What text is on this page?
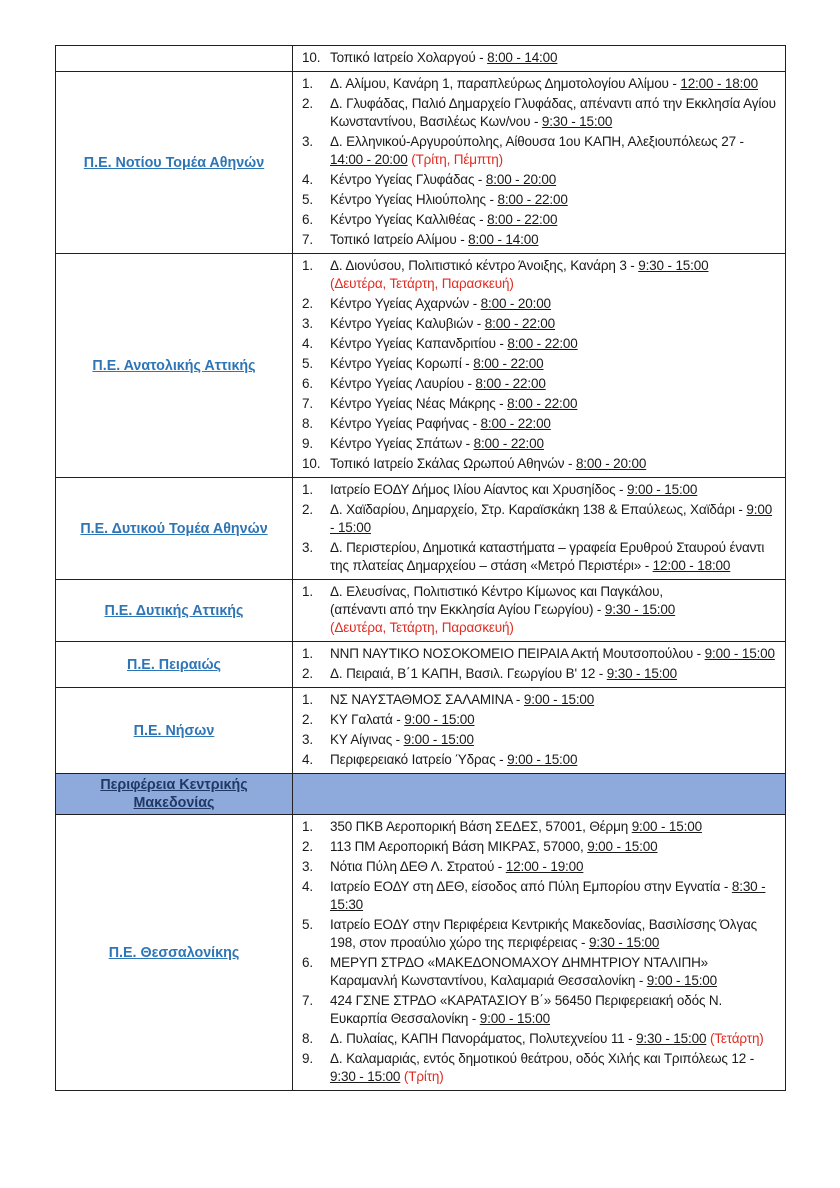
	10. Τοπικό Ιατρείο Χολαργού - 8:00 - 14:00

Π.Ε. Νοτίου Τομέα Αθηνών	
1.	Δ. Αλίμου, Κανάρη 1, παραπλεύρως Δημοτολογίου Αλίμου - 12:00 - 18:00
2.	Δ. Γλυφάδας, Παλιό Δημαρχείο Γλυφάδας, απέναντι από την Εκκλησία Αγίου Κωνσταντίνου, Βασιλέως Κων/νου - 9:30 - 15:00
3.	Δ. Ελληνικού-Αργυρούπολης, Αίθουσα 1ου ΚΑΠΗ, Αλεξιουπόλεως 27 - 14:00 - 20:00 (Τρίτη, Πέμπτη)
4.	Κέντρο Υγείας Γλυφάδας - 8:00 - 20:00
5.	Κέντρο Υγείας Ηλιούπολης - 8:00 - 22:00
6.	Κέντρο Υγείας Καλλιθέας - 8:00 - 22:00
7.	Τοπικό Ιατρείο Αλίμου - 8:00 - 14:00

Π.Ε. Ανατολικής Αττικής	
1.	Δ. Διονύσου, Πολιτιστικό κέντρο Άνοιξης, Κανάρη 3 - 9:30 - 15:00
(Δευτέρα, Τετάρτη, Παρασκευή)
2.	Κέντρο Υγείας Αχαρνών - 8:00 - 20:00
3.	Κέντρο Υγείας Καλυβιών - 8:00 - 22:00
4.	Κέντρο Υγείας Καπανδριτίου - 8:00 - 22:00
5.	Κέντρο Υγείας Κορωπί - 8:00 - 22:00
6.	Κέντρο Υγείας Λαυρίου - 8:00 - 22:00
7.	Κέντρο Υγείας Νέας Μάκρης - 8:00 - 22:00
8.	Κέντρο Υγείας Ραφήνας - 8:00 - 22:00
9.	Κέντρο Υγείας Σπάτων - 8:00 - 22:00
10. Τοπικό Ιατρείο Σκάλας Ωρωπού Αθηνών - 8:00 - 20:00

Π.Ε. Δυτικού Τομέα Αθηνών	
1.	Ιατρείο ΕΟΔΥ Δήμος Ιλίου Αίαντος και Χρυσηίδος - 9:00 - 15:00
2.	Δ. Χαϊδαρίου, Δημαρχείο, Στρ. Καραϊσκάκη 138 & Επαύλεως, Χαϊδάρι - 9:00 - 15:00
3.	Δ. Περιστερίου, Δημοτικά καταστήματα – γραφεία Ερυθρού Σταυρού έναντι της πλατείας Δημαρχείου – στάση «Μετρό Περιστέρι» - 12:00 - 18:00

Π.Ε. Δυτικής Αττικής	1. Δ. Ελευσίνας, Πολιτιστικό Κέντρο Κίμωνος και Παγκάλου,
(απέναντι από την Εκκλησία Αγίου Γεωργίου) - 9:30 - 15:00
(Δευτέρα, Τετάρτη, Παρασκευή)

Π.Ε. Πειραιώς	1. ΝΝΠ ΝΑΥΤΙΚΟ ΝΟΣΟΚΟΜΕΙΟ ΠΕΙΡΑΙΑ Ακτή Μουτσοπούλου - 9:00 - 15:00
2. Δ. Πειραιά, Β΄1 ΚΑΠΗ, Βασιλ. Γεωργίου Β' 12 - 9:30 - 15:00

Π.Ε. Νήσων	
1.	ΝΣ ΝΑΥΣΤΑΘΜΟΣ ΣΑΛΑΜΙΝΑ - 9:00 - 15:00
2.	ΚΥ Γαλατά - 9:00 - 15:00
3.	ΚΥ Αίγινας - 9:00 - 15:00
4.	Περιφερειακό Ιατρείο Ύδρας - 9:00 - 15:00

Περιφέρεια Κεντρικής Μακεδονίας	
Π.Ε. Θεσσαλονίκης	
1.	350 ΠΚΒ Αεροπορική Βάση ΣΕΔΕΣ, 57001, Θέρμη 9:00 - 15:00
2.	113 ΠΜ Αεροπορική Βάση ΜΙΚΡΑΣ, 57000, 9:00 - 15:00
3.	Νότια Πύλη ΔΕΘ Λ. Στρατού - 12:00 - 19:00
4.	Ιατρείο ΕΟΔΥ στη ΔΕΘ, είσοδος από Πύλη Εμπορίου στην Εγνατία - 8:30 - 15:30
5.	Ιατρείο ΕΟΔΥ στην Περιφέρεια Κεντρικής Μακεδονίας, Βασιλίσσης Όλγας 198, στον προαύλιο χώρο της περιφέρειας - 9:30 - 15:00
6.	ΜΕΡΥΠ ΣΤΡΔΟ «ΜΑΚΕΔΟΝΟΜΑΧΟΥ ΔΗΜΗΤΡΙΟΥ ΝΤΑΛΙΠΗ»
Καραμανλή Κωνσταντίνου, Καλαμαριά Θεσσαλονίκη - 9:00 - 15:00
7.	424 ΓΣΝΕ ΣΤΡΔΟ «ΚΑΡΑΤΑΣΙΟΥ Β΄» 56450 Περιφερειακή οδός Ν. Ευκαρπία Θεσσαλονίκη - 9:00 - 15:00
8.	Δ. Πυλαίας, ΚΑΠΗ Πανοράματος, Πολυτεχνείου 11 - 9:30 - 15:00 (Τετάρτη)
9.	Δ. Καλαμαριάς, εντός δημοτικού θεάτρου, οδός Χιλής και Τριπόλεως 12 - 9:30 - 15:00 (Τρίτη)
